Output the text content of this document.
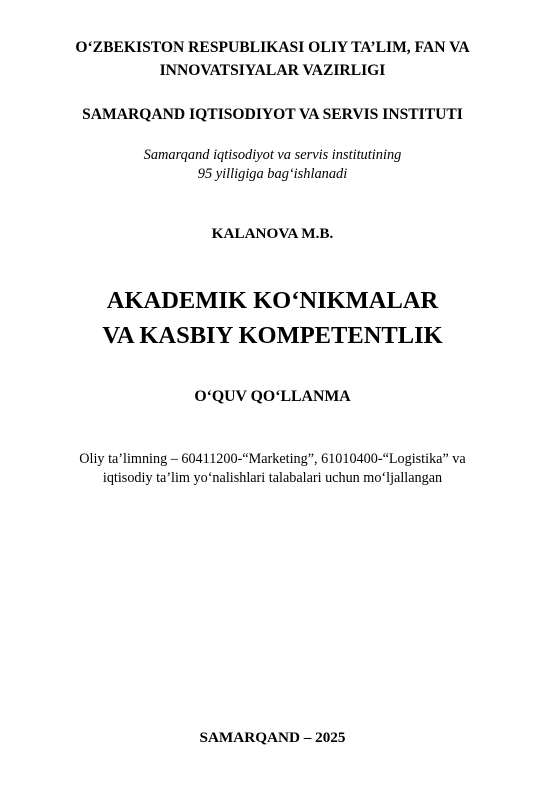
O‘ZBEKISTON RESPUBLIKASI OLIY TA’LIM, FAN VA
INNOVATSIYALAR VAZIRLIGI
SAMARQAND IQTISODIYOT VA SERVIS INSTITUTI
Samarqand iqtisodiyot va servis institutining
95 yilligiga bag‘ishlanadi
KALANOVA M.B.
AKADEMIK KO‘NIKMALAR
VA KASBIY KOMPETENTLIK
O‘QUV QO‘LLANMA
Oliy ta’limning – 60411200-“Marketing”, 61010400-“Logistika” va
iqtisodiy ta’lim yo‘nalishlari talabalari uchun mo‘ljallangan
SAMARQAND – 2025
